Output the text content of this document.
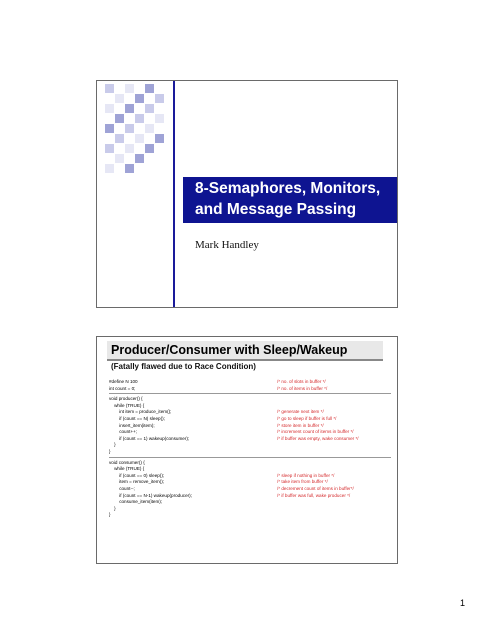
8-Semaphores, Monitors,
and Message Passing
Mark Handley
Producer/Consumer with Sleep/Wakeup
(Fatally flawed due to Race Condition)
#define N 100	/* no. of slots in buffer */
int count = 0;	/* no. of items in buffer */
void producer() {
while (TRUE) {
int item = produce_item();	/* generate next item */
if (count == N) sleep();	/* go to sleep if buffer is full */
insert_item(item);	/* store item in buffer */
count++;	/* increment count of items in buffer */
if (count == 1) wakeup(consumer);	/* if buffer was empty, wake consumer */
}
}
void consumer() {
while (TRUE) {
if (count == 0) sleep();	/* sleep if nothing in buffer */
item = remove_item();	/* take item from buffer */
count--;	/* decrement count of items in buffer*/
if (count == N-1) wakeup(producer);	/* if buffer was full, wake producer */
consume_item(item);
}
}
1
